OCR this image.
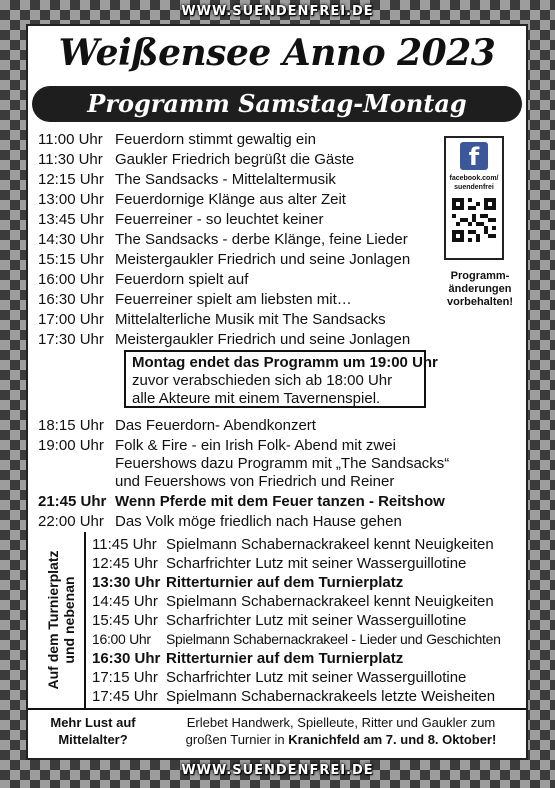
WWW.SUENDENFREI.DE
Weißensee Anno 2023
Programm Samstag-Montag
11:00 Uhr Feuerdorn stimmt gewaltig ein
11:30 Uhr Gaukler Friedrich begrüßt die Gäste
12:15 Uhr The Sandsacks - Mittelaltermusik
13:00 Uhr Feuerdornige Klänge aus alter Zeit
13:45 Uhr Feuerreiner - so leuchtet keiner
14:30 Uhr The Sandsacks - derbe Klänge, feine Lieder
15:15 Uhr Meistergaukler Friedrich und seine Jonlagen
16:00 Uhr Feuerdorn spielt auf
16:30 Uhr Feuerreiner spielt am liebsten mit…
17:00 Uhr Mittelalterliche Musik mit The Sandsacks
17:30 Uhr Meistergaukler Friedrich und seine Jonlagen
f
facebook.com/
suendenfrei
Programm-
änderungen
vorbehalten!
Montag endet das Programm um 19:00 Uhr
zuvor verabschieden sich ab 18:00 Uhr
alle Akteure mit einem Tavernenspiel.
18:15 Uhr Das Feuerdorn- Abendkonzert
19:00 Uhr Folk & Fire - ein Irish Folk- Abend mit zwei
Feuershows dazu Programm mit „The Sandsacks“
und Feuershows von Friedrich und Reiner
21:45 Uhr Wenn Pferde mit dem Feuer tanzen - Reitshow
22:00 Uhr Das Volk möge friedlich nach Hause gehen
Auf dem Turnierplatz und nebenan
11:45 Uhr Spielmann Schabernackrakeel kennt Neuigkeiten
12:45 Uhr Scharfrichter Lutz mit seiner Wasserguillotine
13:30 Uhr Ritterturnier auf dem Turnierplatz
14:45 Uhr Spielmann Schabernackrakeel kennt Neuigkeiten
15:45 Uhr Scharfrichter Lutz mit seiner Wasserguillotine
16:00 Uhr Spielmann Schabernackrakeel - Lieder und Geschichten
16:30 Uhr Ritterturnier auf dem Turnierplatz
17:15 Uhr Scharfrichter Lutz mit seiner Wasserguillotine
17:45 Uhr Spielmann Schabernackrakeels letzte Weisheiten
Mehr Lust auf
Mittelalter?
Erlebet Handwerk, Spielleute, Ritter und Gaukler zum
großen Turnier in Kranichfeld am 7. und 8. Oktober!
WWW.SUENDENFREI.DE
